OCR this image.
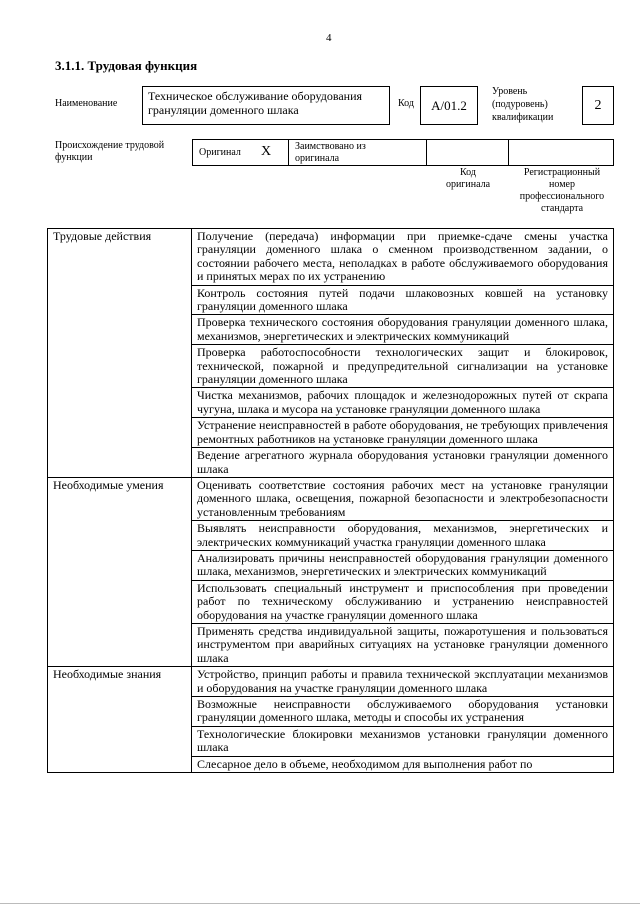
4
3.1.1. Трудовая функция
Наименование
Техническое обслуживание оборудования грануляции доменного шлака	Код	A/01.2
Уровень
(подуровень)
квалификации
2
Происхождение трудовой
функции	Оригинал X Заимствовано из
оригинала
Код
оригинала
Регистрационный
номер
профессионального
стандарта
Трудовые действия	Получение (передача) информации при приемке-сдаче смены участка грануляции доменного шлака о сменном производственном задании, о состоянии рабочего места, неполадках в работе обслуживаемого оборудования и принятых мерах по их устранению
	Контроль состояния путей подачи шлаковозных ковшей на установку грануляции доменного шлака
	Проверка технического состояния оборудования грануляции доменного шлака, механизмов, энергетических и электрических коммуникаций
	Проверка работоспособности технологических защит и блокировок, технической, пожарной и предупредительной сигнализации на установке грануляции доменного шлака
	Чистка механизмов, рабочих площадок и железнодорожных путей от скрапа чугуна, шлака и мусора на установке грануляции доменного шлака
	Устранение неисправностей в работе оборудования, не требующих привлечения ремонтных работников на установке грануляции доменного шлака
	Ведение агрегатного журнала оборудования установки грануляции доменного шлака
Необходимые умения	Оценивать соответствие состояния рабочих мест на установке грануляции доменного шлака, освещения, пожарной безопасности и электробезопасности установленным требованиям
	Выявлять неисправности оборудования, механизмов, энергетических и электрических коммуникаций участка грануляции доменного шлака
	Анализировать причины неисправностей оборудования грануляции доменного шлака, механизмов, энергетических и электрических коммуникаций
	Использовать специальный инструмент и приспособления при проведении работ по техническому обслуживанию и устранению неисправностей оборудования на участке грануляции доменного шлака
	Применять средства индивидуальной защиты, пожаротушения и пользоваться инструментом при аварийных ситуациях на установке грануляции доменного шлака
Необходимые знания	Устройство, принцип работы и правила технической эксплуатации механизмов и оборудования на участке грануляции доменного шлака
	Возможные неисправности обслуживаемого оборудования установки грануляции доменного шлака, методы и способы их устранения
	Технологические блокировки механизмов установки грануляции доменного шлака
	Слесарное дело в объеме, необходимом для выполнения работ по
